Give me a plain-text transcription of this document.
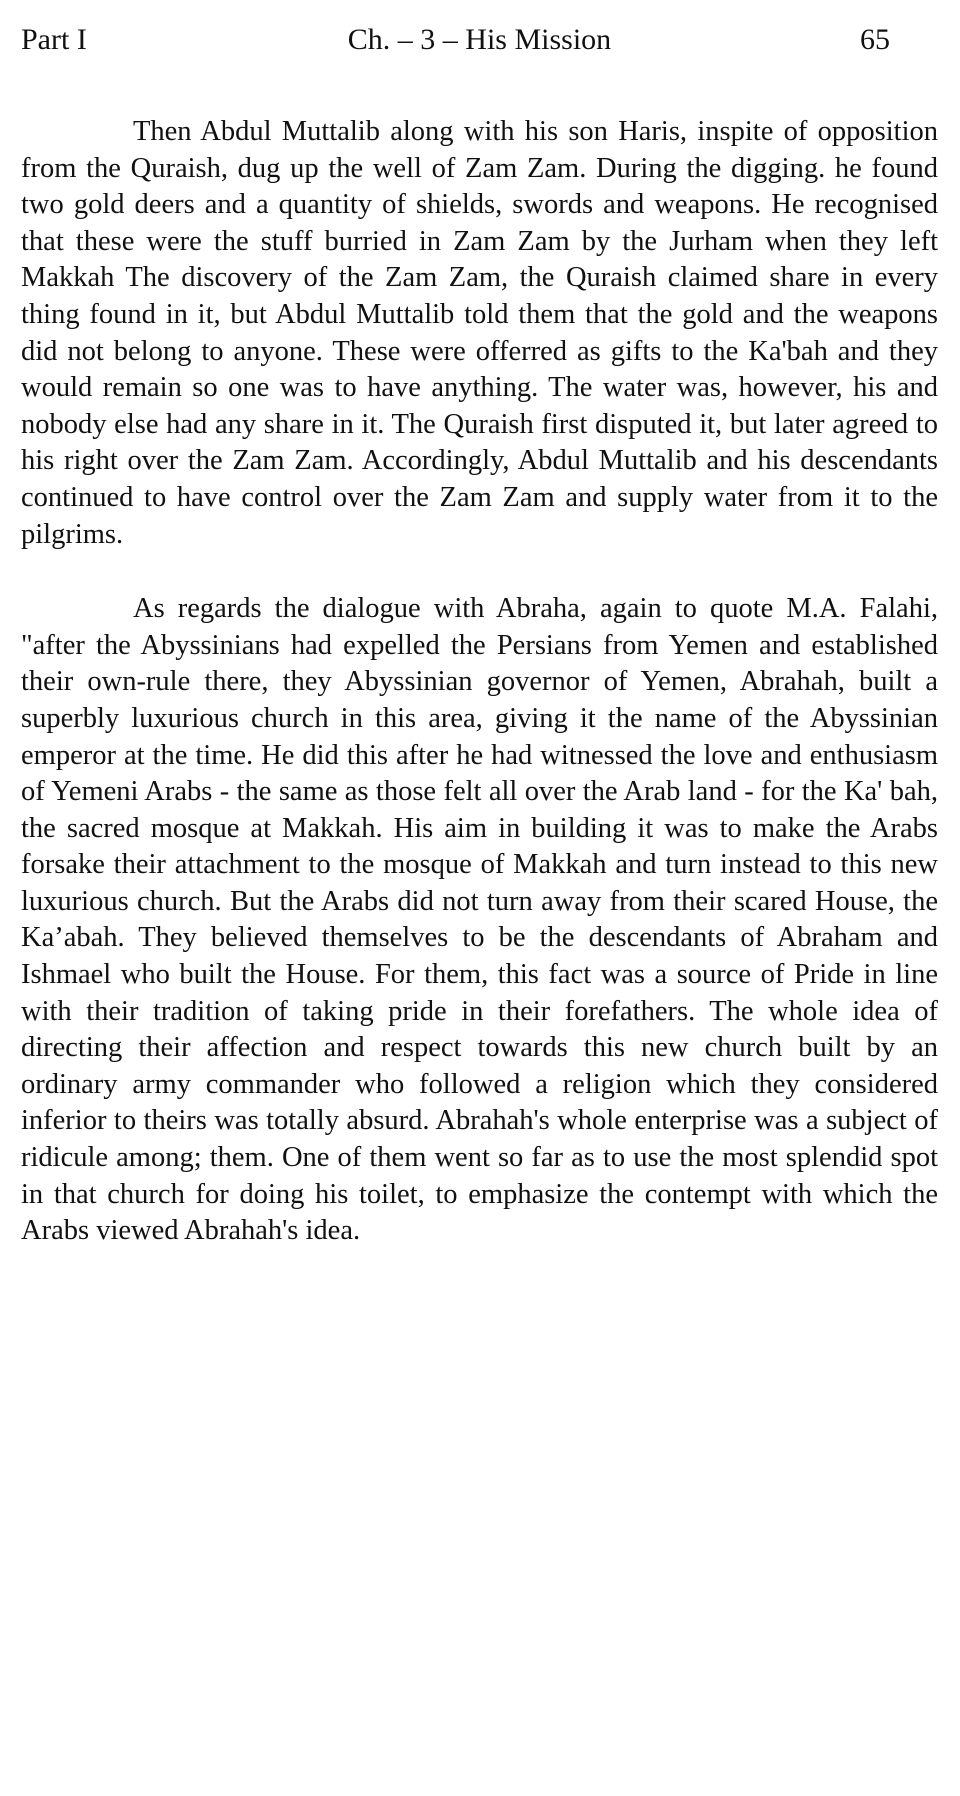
Part I	Ch. – 3 – His Mission	65

Then Abdul Muttalib along with his son Haris, inspite of opposition from the Quraish, dug up the well of Zam Zam. During the digging. he found two gold deers and a quantity of shields, swords and weapons. He recognised that these were the stuff burried in Zam Zam by the Jurham when they left Makkah The discovery of the Zam Zam, the Quraish claimed share in every thing found in it, but Abdul Muttalib told them that the gold and the weapons did not belong to anyone. These were offerred as gifts to the Ka'bah and they would remain so one was to have anything. The water was, however, his and nobody else had any share in it. The Quraish first disputed it, but later agreed to his right over the Zam Zam. Accordingly, Abdul Muttalib and his descendants continued to have control over the Zam Zam and supply water from it to the pilgrims.

As regards the dialogue with Abraha, again to quote M.A. Falahi, "after the Abyssinians had expelled the Persians from Yemen and established their own-rule there, they Abyssinian governor of Yemen, Abrahah, built a superbly luxurious church in this area, giving it the name of the Abyssinian emperor at the time. He did this after he had witnessed the love and enthusiasm of Yemeni Arabs - the same as those felt all over the Arab land - for the Ka' bah, the sacred mosque at Makkah. His aim in building it was to make the Arabs forsake their attachment to the mosque of Makkah and turn instead to this new luxurious church. But the Arabs did not turn away from their scared House, the Ka’abah. They believed themselves to be the descendants of Abraham and Ishmael who built the House. For them, this fact was a source of Pride in line with their tradition of taking pride in their forefathers. The whole idea of directing their affection and respect towards this new church built by an ordinary army commander who followed a religion which they considered inferior to theirs was totally absurd. Abrahah's whole enterprise was a subject of ridicule among; them. One of them went so far as to use the most splendid spot in that church for doing his toilet, to emphasize the contempt with which the Arabs viewed Abrahah's idea.
